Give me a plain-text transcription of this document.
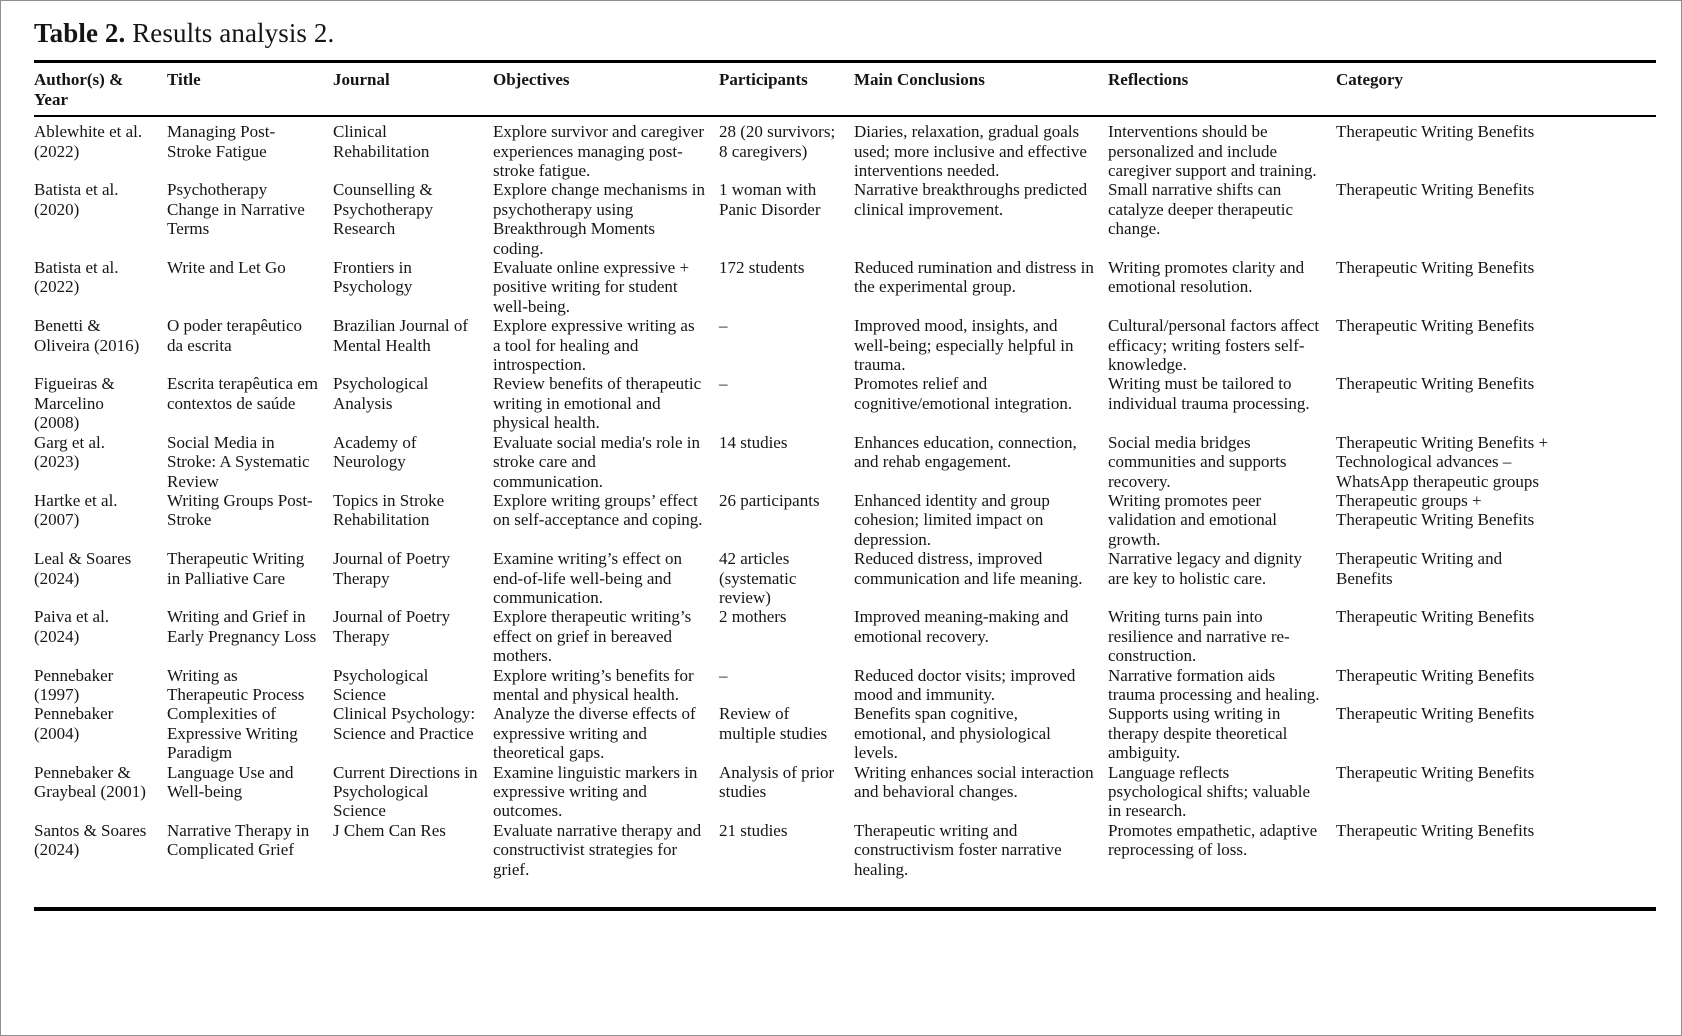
Table 2. Results analysis 2.

Author(s) & Year	Title	Journal	Objectives	Participants	Main Conclusions	Reflections	Category
Ablewhite et al. (2022)	Managing Post-Stroke Fatigue	Clinical Rehabilitation	Explore survivor and caregiver experiences managing post-stroke fatigue.	28 (20 survivors; 8 caregivers)	Diaries, relaxation, gradual goals used; more inclusive and effective interventions needed.	Interventions should be personalized and include caregiver support and training.	Therapeutic Writing Benefits
Batista et al. (2020)	Psychotherapy Change in Narrative Terms	Counselling & Psychotherapy Research	Explore change mechanisms in psychotherapy using Breakthrough Moments coding.	1 woman with Panic Disorder	Narrative breakthroughs predicted clinical improvement.	Small narrative shifts can catalyze deeper therapeutic change.	Therapeutic Writing Benefits
Batista et al. (2022)	Write and Let Go	Frontiers in Psychology	Evaluate online expressive + positive writing for student well-being.	172 students	Reduced rumination and distress in the experimental group.	Writing promotes clarity and emotional resolution.	Therapeutic Writing Benefits
Benetti & Oliveira (2016)	O poder terapêutico da escrita	Brazilian Journal of Mental Health	Explore expressive writing as a tool for healing and introspection.	–	Improved mood, insights, and well-being; especially helpful in trauma.	Cultural/personal factors affect efficacy; writing fosters self-knowledge.	Therapeutic Writing Benefits
Figueiras & Marcelino (2008)	Escrita terapêutica em contextos de saúde	Psychological Analysis	Review benefits of therapeutic writing in emotional and physical health.	–	Promotes relief and cognitive/emotional integration.	Writing must be tailored to individual trauma processing.	Therapeutic Writing Benefits
Garg et al. (2023)	Social Media in Stroke: A Systematic Review	Academy of Neurology	Evaluate social media's role in stroke care and communication.	14 studies	Enhances education, connection, and rehab engagement.	Social media bridges communities and supports recovery.	Therapeutic Writing Benefits + Technological advances – WhatsApp therapeutic groups
Hartke et al. (2007)	Writing Groups Post-Stroke	Topics in Stroke Rehabilitation	Explore writing groups’ effect on self-acceptance and coping.	26 participants	Enhanced identity and group cohesion; limited impact on depression.	Writing promotes peer validation and emotional growth.	Therapeutic groups + Therapeutic Writing Benefits
Leal & Soares (2024)	Therapeutic Writing in Palliative Care	Journal of Poetry Therapy	Examine writing’s effect on end-of-life well-being and communication.	42 articles (systematic review)	Reduced distress, improved communication and life meaning.	Narrative legacy and dignity are key to holistic care.	Therapeutic Writing and Benefits
Paiva et al. (2024)	Writing and Grief in Early Pregnancy Loss	Journal of Poetry Therapy	Explore therapeutic writing’s effect on grief in bereaved mothers.	2 mothers	Improved meaning-making and emotional recovery.	Writing turns pain into resilience and narrative re-construction.	Therapeutic Writing Benefits
Pennebaker (1997)	Writing as Therapeutic Process	Psychological Science	Explore writing’s benefits for mental and physical health.	–	Reduced doctor visits; improved mood and immunity.	Narrative formation aids trauma processing and healing.	Therapeutic Writing Benefits
Pennebaker (2004)	Complexities of Expressive Writing Paradigm	Clinical Psychology: Science and Practice	Analyze the diverse effects of expressive writing and theoretical gaps.	Review of multiple studies	Benefits span cognitive, emotional, and physiological levels.	Supports using writing in therapy despite theoretical ambiguity.	Therapeutic Writing Benefits
Pennebaker & Graybeal (2001)	Language Use and Well-being	Current Directions in Psychological Science	Examine linguistic markers in expressive writing and outcomes.	Analysis of prior studies	Writing enhances social interaction and behavioral changes.	Language reflects psychological shifts; valuable in research.	Therapeutic Writing Benefits
Santos & Soares (2024)	Narrative Therapy in Complicated Grief	J Chem Can Res	Evaluate narrative therapy and constructivist strategies for grief.	21 studies	Therapeutic writing and constructivism foster narrative healing.	Promotes empathetic, adaptive reprocessing of loss.	Therapeutic Writing Benefits
